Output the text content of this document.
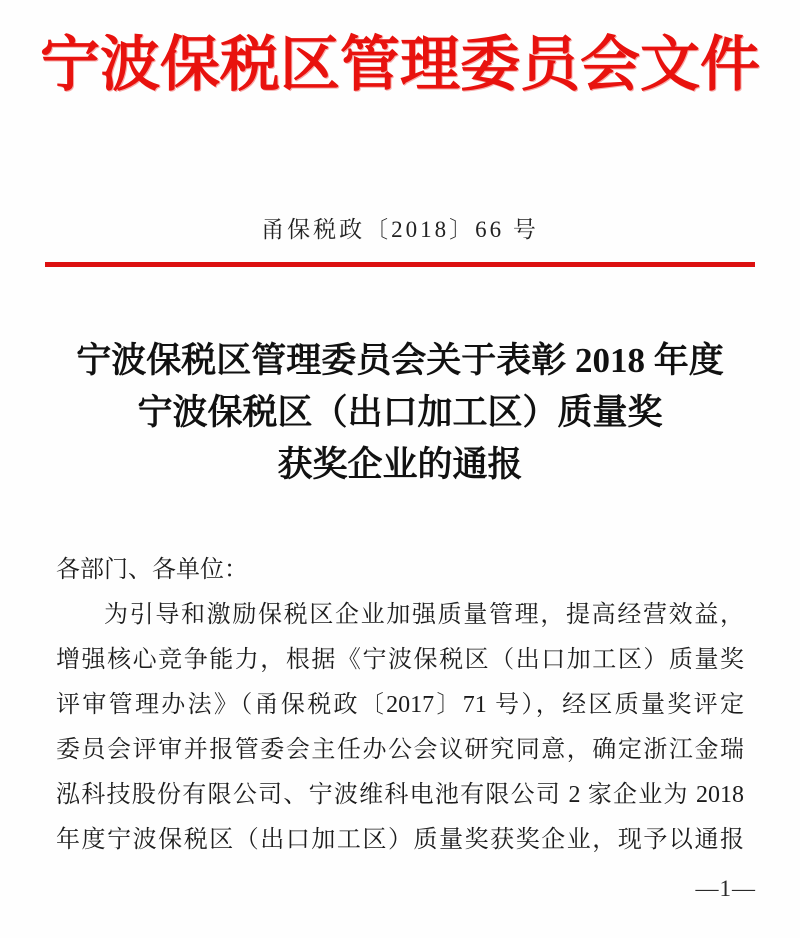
宁波保税区管理委员会文件
甬保税政〔2018〕66 号
宁波保税区管理委员会关于表彰 2018 年度
宁波保税区（出口加工区）质量奖
获奖企业的通报
各部门、各单位：
为引导和激励保税区企业加强质量管理，提高经营效益，
增强核心竞争能力，根据《宁波保税区（出口加工区）质量奖
评审管理办法》（甬保税政〔2017〕71 号），经区质量奖评定
委员会评审并报管委会主任办公会议研究同意，确定浙江金瑞
泓科技股份有限公司、宁波维科电池有限公司 2 家企业为 2018
年度宁波保税区（出口加工区）质量奖获奖企业，现予以通报
—1—
